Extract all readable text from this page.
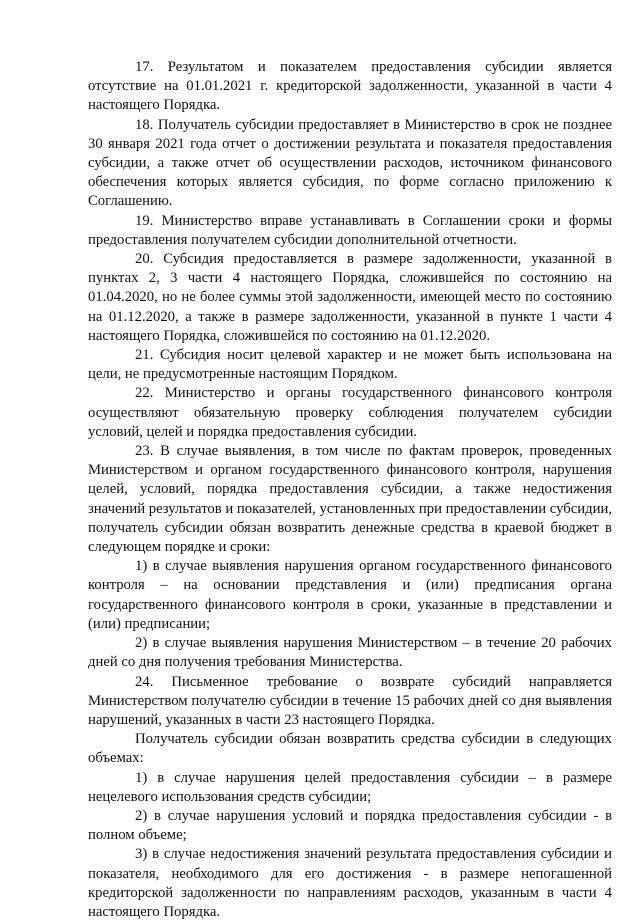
17. Результатом и показателем предоставления субсидии является отсутствие на 01.01.2021 г. кредиторской задолженности, указанной в части 4 настоящего Порядка.

18. Получатель субсидии предоставляет в Министерство в срок не позднее 30 января 2021 года отчет о достижении результата и показателя предоставления субсидии, а также отчет об осуществлении расходов, источником финансового обеспечения которых является субсидия, по форме согласно приложению к Соглашению.

19. Министерство вправе устанавливать в Соглашении сроки и формы предоставления получателем субсидии дополнительной отчетности.

20. Субсидия предоставляется в размере задолженности, указанной в пунктах 2, 3 части 4 настоящего Порядка, сложившейся по состоянию на 01.04.2020, но не более суммы этой задолженности, имеющей место по состоянию на 01.12.2020, а также в размере задолженности, указанной в пункте 1 части 4 настоящего Порядка, сложившейся по состоянию на 01.12.2020.

21. Субсидия носит целевой характер и не может быть использована на цели, не предусмотренные настоящим Порядком.

22. Министерство и органы государственного финансового контроля осуществляют обязательную проверку соблюдения получателем субсидии условий, целей и порядка предоставления субсидии.

23. В случае выявления, в том числе по фактам проверок, проведенных Министерством и органом государственного финансового контроля, нарушения целей, условий, порядка предоставления субсидии, а также недостижения значений результатов и показателей, установленных при предоставлении субсидии, получатель субсидии обязан возвратить денежные средства в краевой бюджет в следующем порядке и сроки:

1) в случае выявления нарушения органом государственного финансового контроля – на основании представления и (или) предписания органа государственного финансового контроля в сроки, указанные в представлении и (или) предписании;

2) в случае выявления нарушения Министерством – в течение 20 рабочих дней со дня получения требования Министерства.

24. Письменное требование о возврате субсидий направляется Министерством получателю субсидии в течение 15 рабочих дней со дня выявления нарушений, указанных в части 23 настоящего Порядка.

Получатель субсидии обязан возвратить средства субсидии в следующих объемах:

1) в случае нарушения целей предоставления субсидии – в размере нецелевого использования средств субсидии;

2) в случае нарушения условий и порядка предоставления субсидии - в полном объеме;

3) в случае недостижения значений результата предоставления субсидии и показателя, необходимого для его достижения - в размере непогашенной кредиторской задолженности по направлениям расходов, указанным в части 4 настоящего Порядка.
